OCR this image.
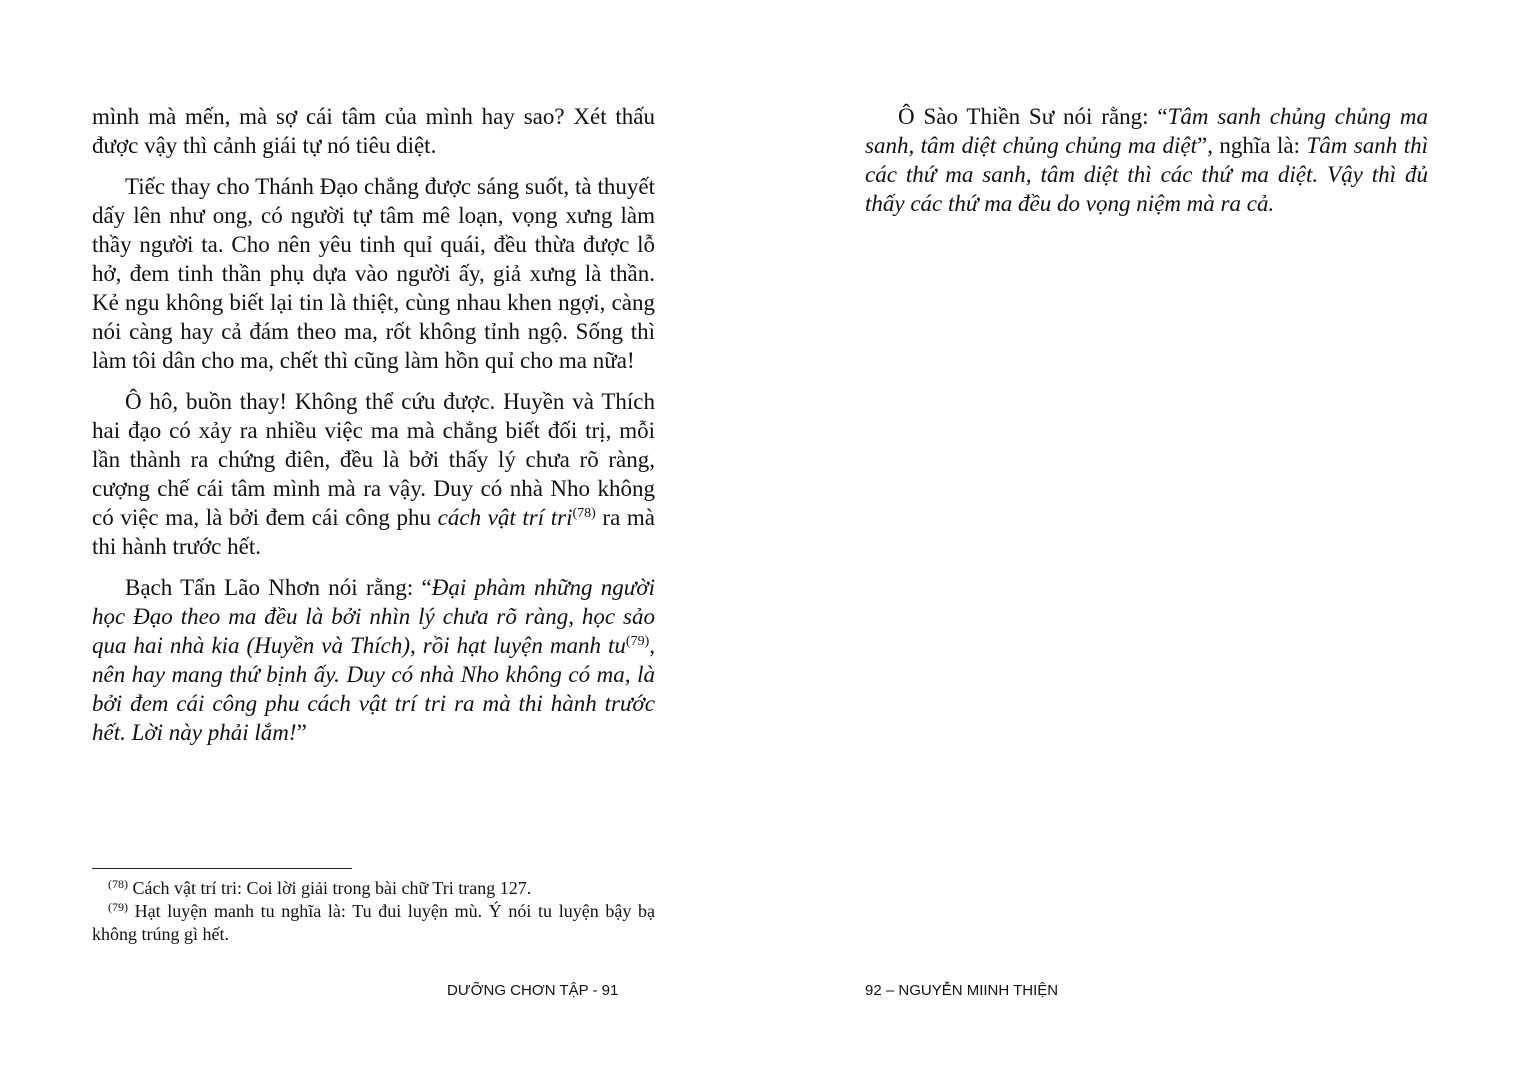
mình mà mến, mà sợ cái tâm của mình hay sao? Xét thấu được vậy thì cảnh giái tự nó tiêu diệt.

Tiếc thay cho Thánh Đạo chẳng được sáng suốt, tà thuyết dấy lên như ong, có người tự tâm mê loạn, vọng xưng làm thầy người ta. Cho nên yêu tinh quỉ quái, đều thừa được lỗ hở, đem tinh thần phụ dựa vào người ấy, giả xưng là thần. Kẻ ngu không biết lại tin là thiệt, cùng nhau khen ngợi, càng nói càng hay cả đám theo ma, rốt không tỉnh ngộ. Sống thì làm tôi dân cho ma, chết thì cũng làm hồn quỉ cho ma nữa!

Ô hô, buồn thay! Không thể cứu được. Huyền và Thích hai đạo có xảy ra nhiều việc ma mà chẳng biết đối trị, mỗi lần thành ra chứng điên, đều là bởi thấy lý chưa rõ ràng, cượng chế cái tâm mình mà ra vậy. Duy có nhà Nho không có việc ma, là bởi đem cái công phu cách vật trí tri$^{(78)}$ ra mà thi hành trước hết.

Bạch Tẩn Lão Nhơn nói rằng: “Đại phàm những người học Đạo theo ma đều là bởi nhìn lý chưa rõ ràng, học sảo qua hai nhà kia (Huyền và Thích), rồi hạt luyện manh $tu^{(79)}$, nên hay mang thứ bịnh ấy. Duy có nhà Nho không có ma, là bởi đem cái công phu cách vật trí tri ra mà thi hành trước hết. Lời này phải lắm!”

$^{(78)}$ Cách vật trí tri: Coi lời giải trong bài chữ Tri trang 127.

$^{(79)}$ Hạt luyện manh tu nghĩa là: Tu đui luyện mù. Ý nói tu luyện bậy bạ không trúng gì hết.

DƯỠNG CHƠN TẬP - 91

Ô Sào Thiền Sư nói rằng: “Tâm sanh chủng chủng ma sanh, tâm diệt chủng chủng ma diệt”, nghĩa là: Tâm sanh thì các thứ ma sanh, tâm diệt thì các thứ ma diệt. Vậy thì đủ thấy các thứ ma đều do vọng niệm mà ra cả.

92 – NGUYỄN MIINH THIỆN
